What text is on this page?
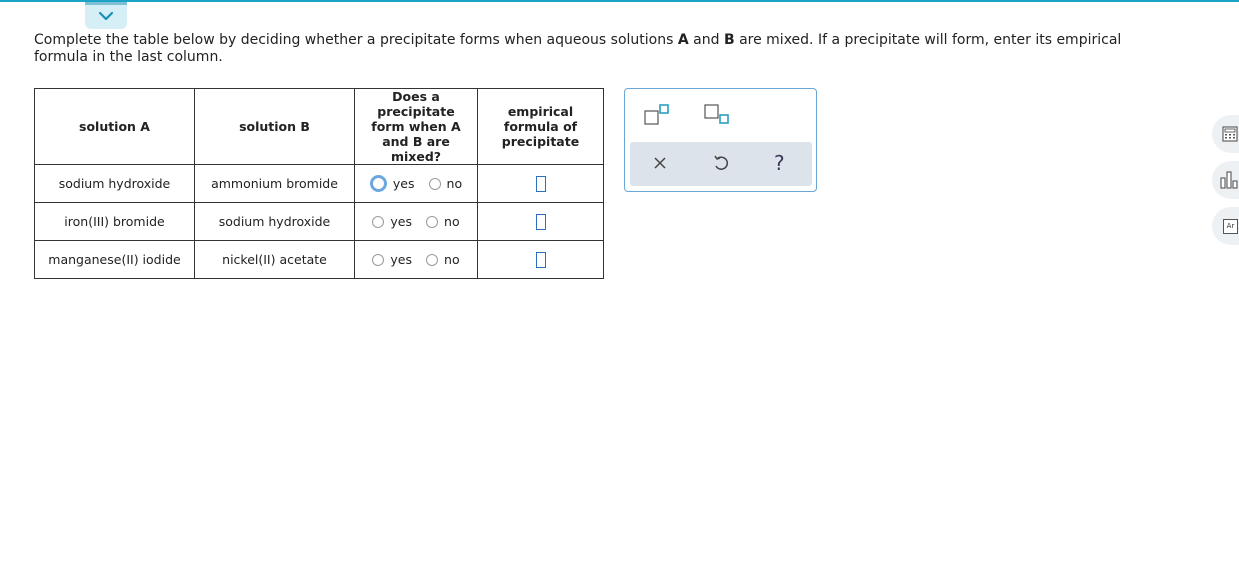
Complete the table below by deciding whether a precipitate forms when aqueous solutions A and B are mixed. If a precipitate will form, enter its empirical formula in the last column.
solution A	solution B	Does a precipitate form when A and B are mixed?	empirical formula of precipitate

sodium hydroxide	ammonium bromide	yes no	

iron(III) bromide	sodium hydroxide	yes no	

manganese(II) iodide	nickel(II) acetate	yes no	

?
Ar
